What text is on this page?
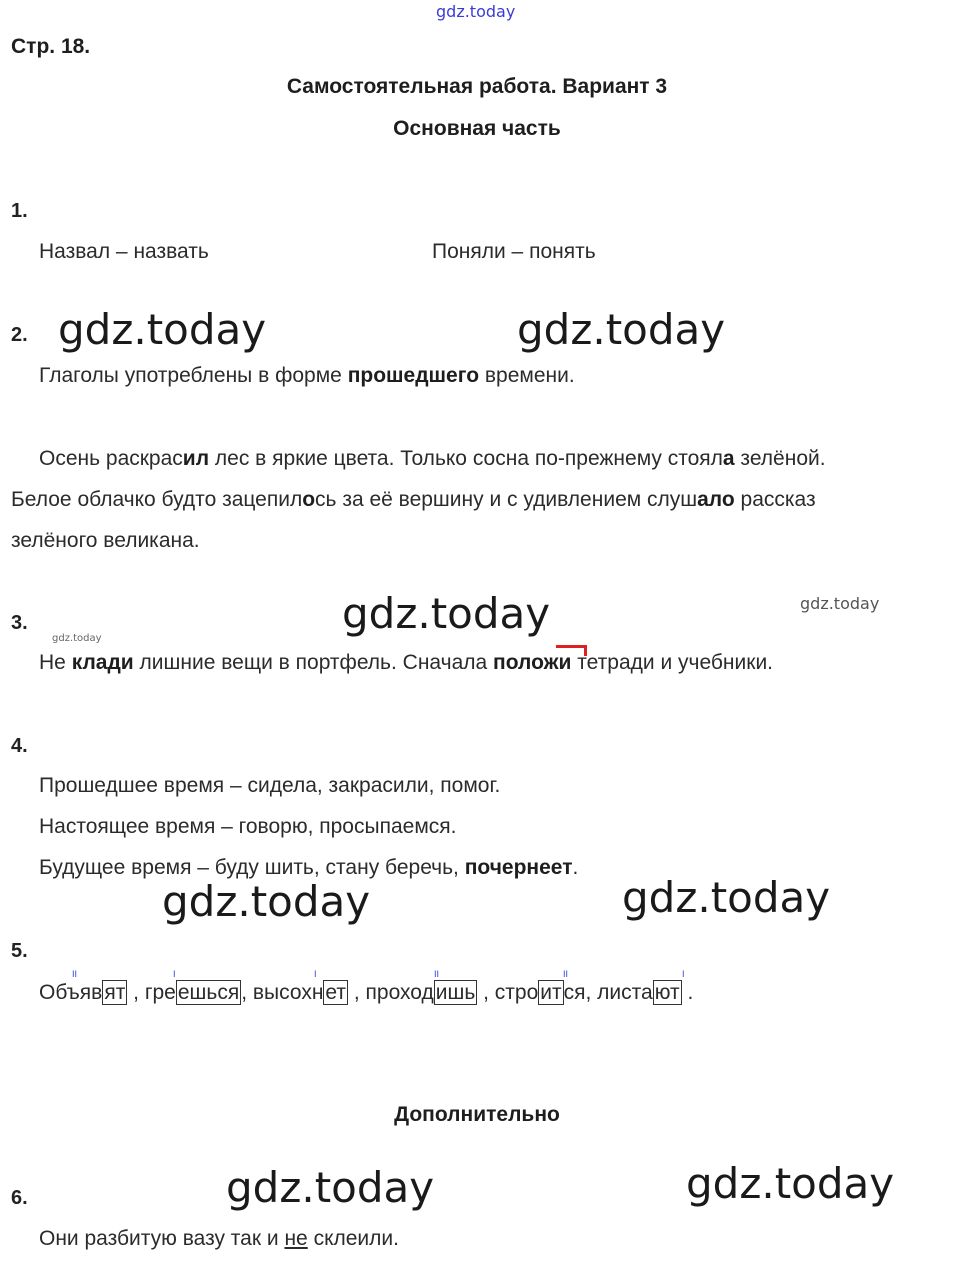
gdz.today
Стр. 18.
Самостоятельная работа. Вариант 3
Основная часть
1.
Назвал – назвать	Поняли – понять
2. gdz.today	gdz.today
Глаголы употреблены в форме прошедшего времени.
Осень раскрасил лес в яркие цвета. Только сосна по-прежнему стояла зелёной.
Белое облачко будто зацепилось за её вершину и с удивлением слушало рассказ
зелёного великана.
3.
gdz.today
gdz.today	gdz.today
Не клади лишние вещи в портфель. Сначала положи тетради и учебники.
4.
Прошедшее время – сидела, закрасили, помог.
Настоящее время – говорю, просыпаемся.
Будущее время – буду шить, стану беречь, почернеет.
gdz.today	gdz.today
5.
II	I	I	II	II	I
Объявят , греешься, высохнет , проходишь , строится, листают .
Дополнительно
6.	gdz.today	gdz.today
Они разбитую вазу так и не склеили.
